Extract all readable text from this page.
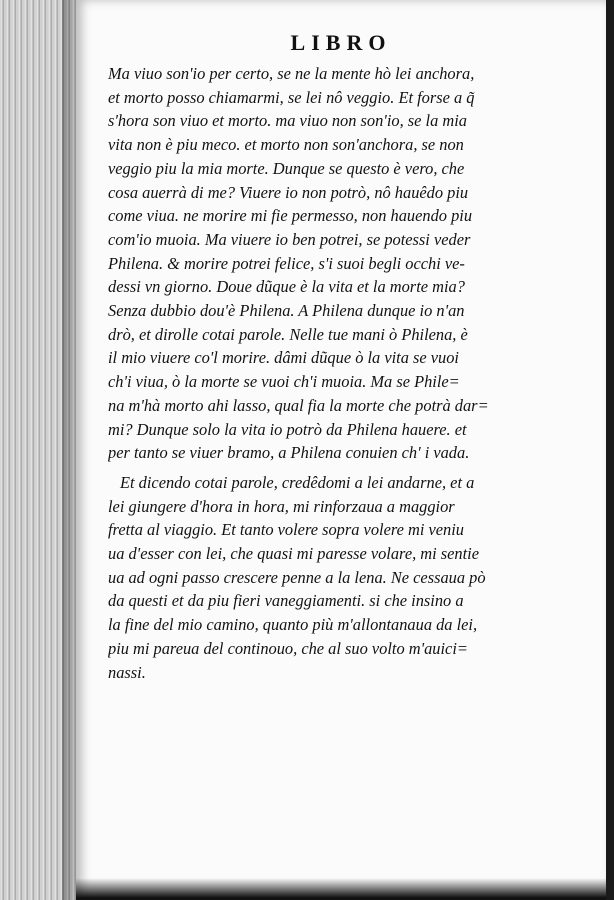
LIBRO
Ma viuo son'io per certo, se ne la mente hò lei anchora,
et morto posso chiamarmi, se lei nô veggio. Et forse a q̃
s'hora son viuo et morto. ma viuo non son'io, se la mia
vita non è piu meco. et morto non son'anchora, se non
veggio piu la mia morte. Dunque se questo è vero, che
cosa auerrà di me? Viuere io non potrò, nô hauêdo piu
come viua. ne morire mi fie permesso, non hauendo piu
com'io muoia. Ma viuere io ben potrei, se potessi veder
Philena. & morire potrei felice, s'i suoi begli occhi ve-
dessi vn giorno. Doue dũque è la vita et la morte mia?
Senza dubbio dou'è Philena. A Philena dunque io n'an
drò, et dirolle cotai parole. Nelle tue mani ò Philena, è
il mio viuere co'l morire. dâmi dũque ò la vita se vuoi
ch'i viua, ò la morte se vuoi ch'i muoia. Ma se Phile=
na m'hà morto ahi lasso, qual fia la morte che potrà dar=
mi? Dunque solo la vita io potrò da Philena hauere. et
per tanto se viuer bramo, a Philena conuien ch' i vada.
Et dicendo cotai parole, credêdomi a lei andarne, et a
lei giungere d'hora in hora, mi rinforzaua a maggior
fretta al viaggio. Et tanto volere sopra volere mi veniu
ua d'esser con lei, che quasi mi paresse volare, mi sentie
ua ad ogni passo crescere penne a la lena. Ne cessaua pò
da questi et da piu fieri vaneggiamenti. si che insino a
la fine del mio camino, quanto più m'allontanaua da lei,
piu mi pareua del continouo, che al suo volto m'auici=
nassi.
